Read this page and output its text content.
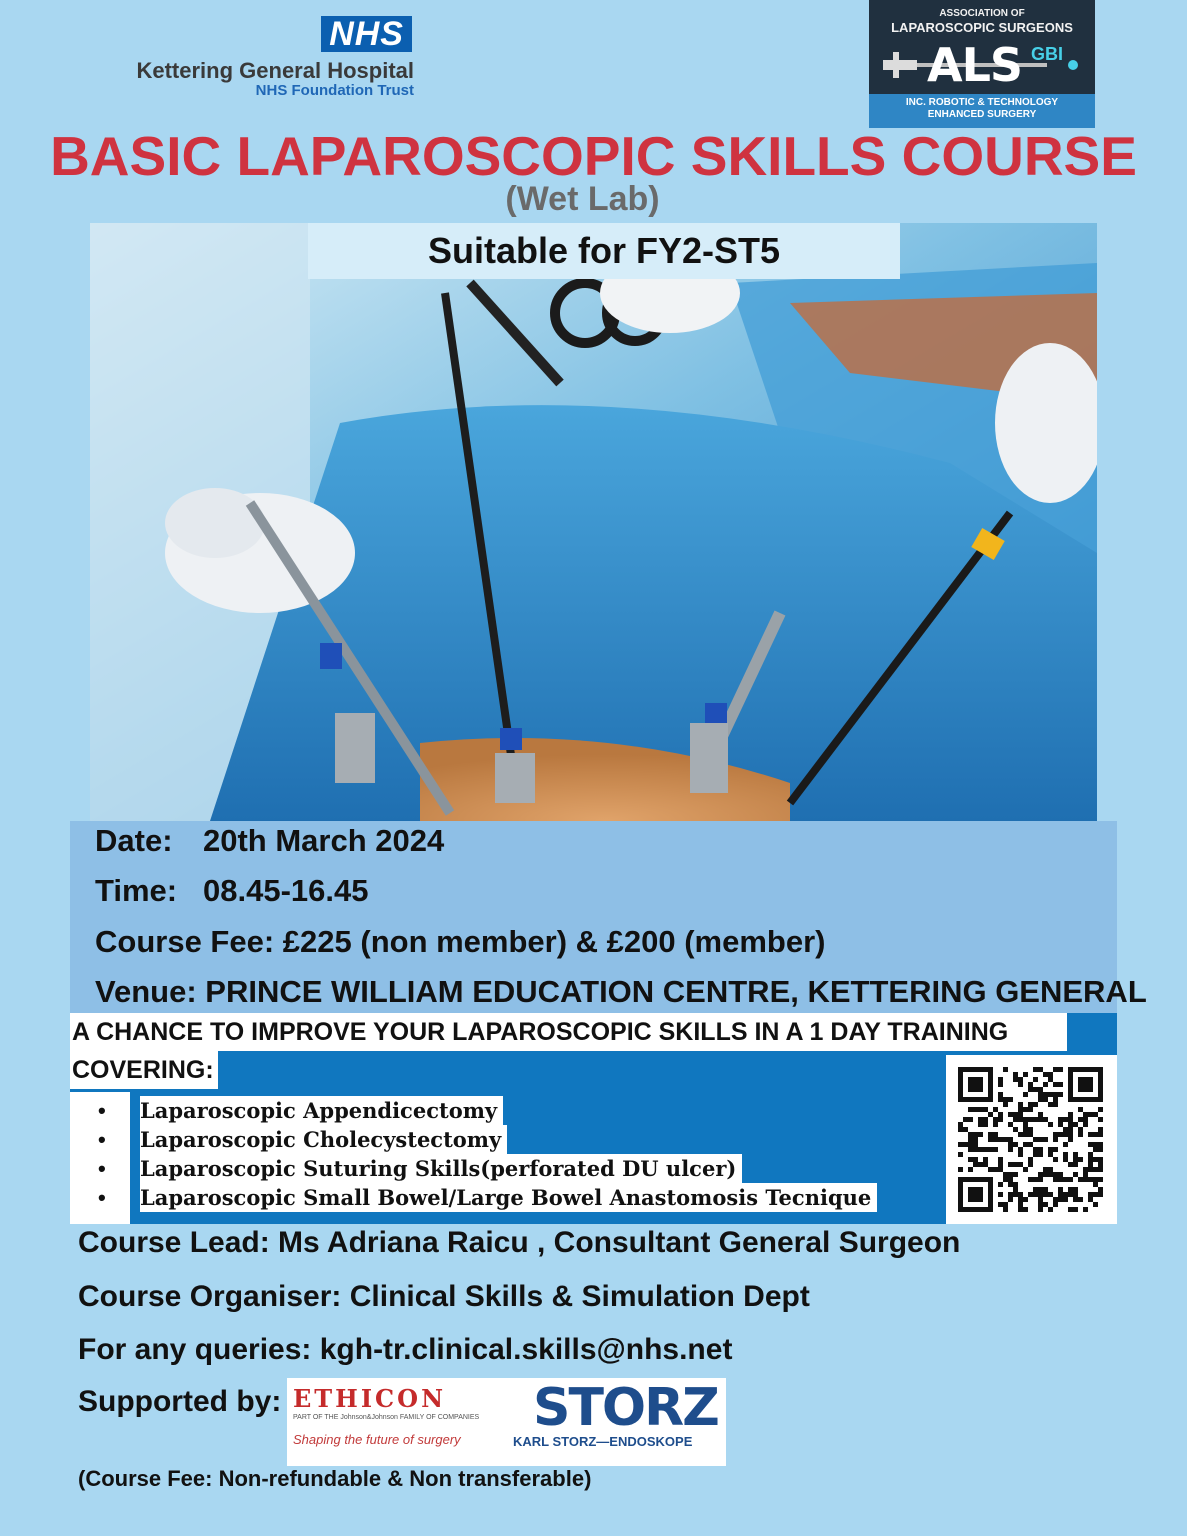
NHS
Kettering General Hospital
NHS Foundation Trust
ASSOCIATION OF
LAPAROSCOPIC SURGEONS
ALS GBI
INC. ROBOTIC & TECHNOLOGY
ENHANCED SURGERY
BASIC LAPAROSCOPIC SKILLS COURSE
(Wet Lab)
Suitable for FY2-ST5
Date: 20th March 2024
Time: 08.45-16.45
Course Fee: £225 (non member) & £200 (member)
Venue: PRINCE WILLIAM EDUCATION CENTRE, KETTERING GENERAL
A CHANCE TO IMPROVE YOUR LAPAROSCOPIC SKILLS IN A 1 DAY TRAINING
COVERING:
• Laparoscopic Appendicectomy
• Laparoscopic Cholecystectomy
• Laparoscopic Suturing Skills(perforated DU ulcer)
• Laparoscopic Small Bowel/Large Bowel Anastomosis Tecnique
Course Lead: Ms Adriana Raicu , Consultant General Surgeon
Course Organiser: Clinical Skills & Simulation Dept
For any queries: kgh-tr.clinical.skills@nhs.net
Supported by: ETHICON
PART OF THE Johnson&Johnson FAMILY OF COMPANIES
Shaping the future of surgery
STORZ
KARL STORZ—ENDOSKOPE
(Course Fee: Non-refundable & Non transferable)
